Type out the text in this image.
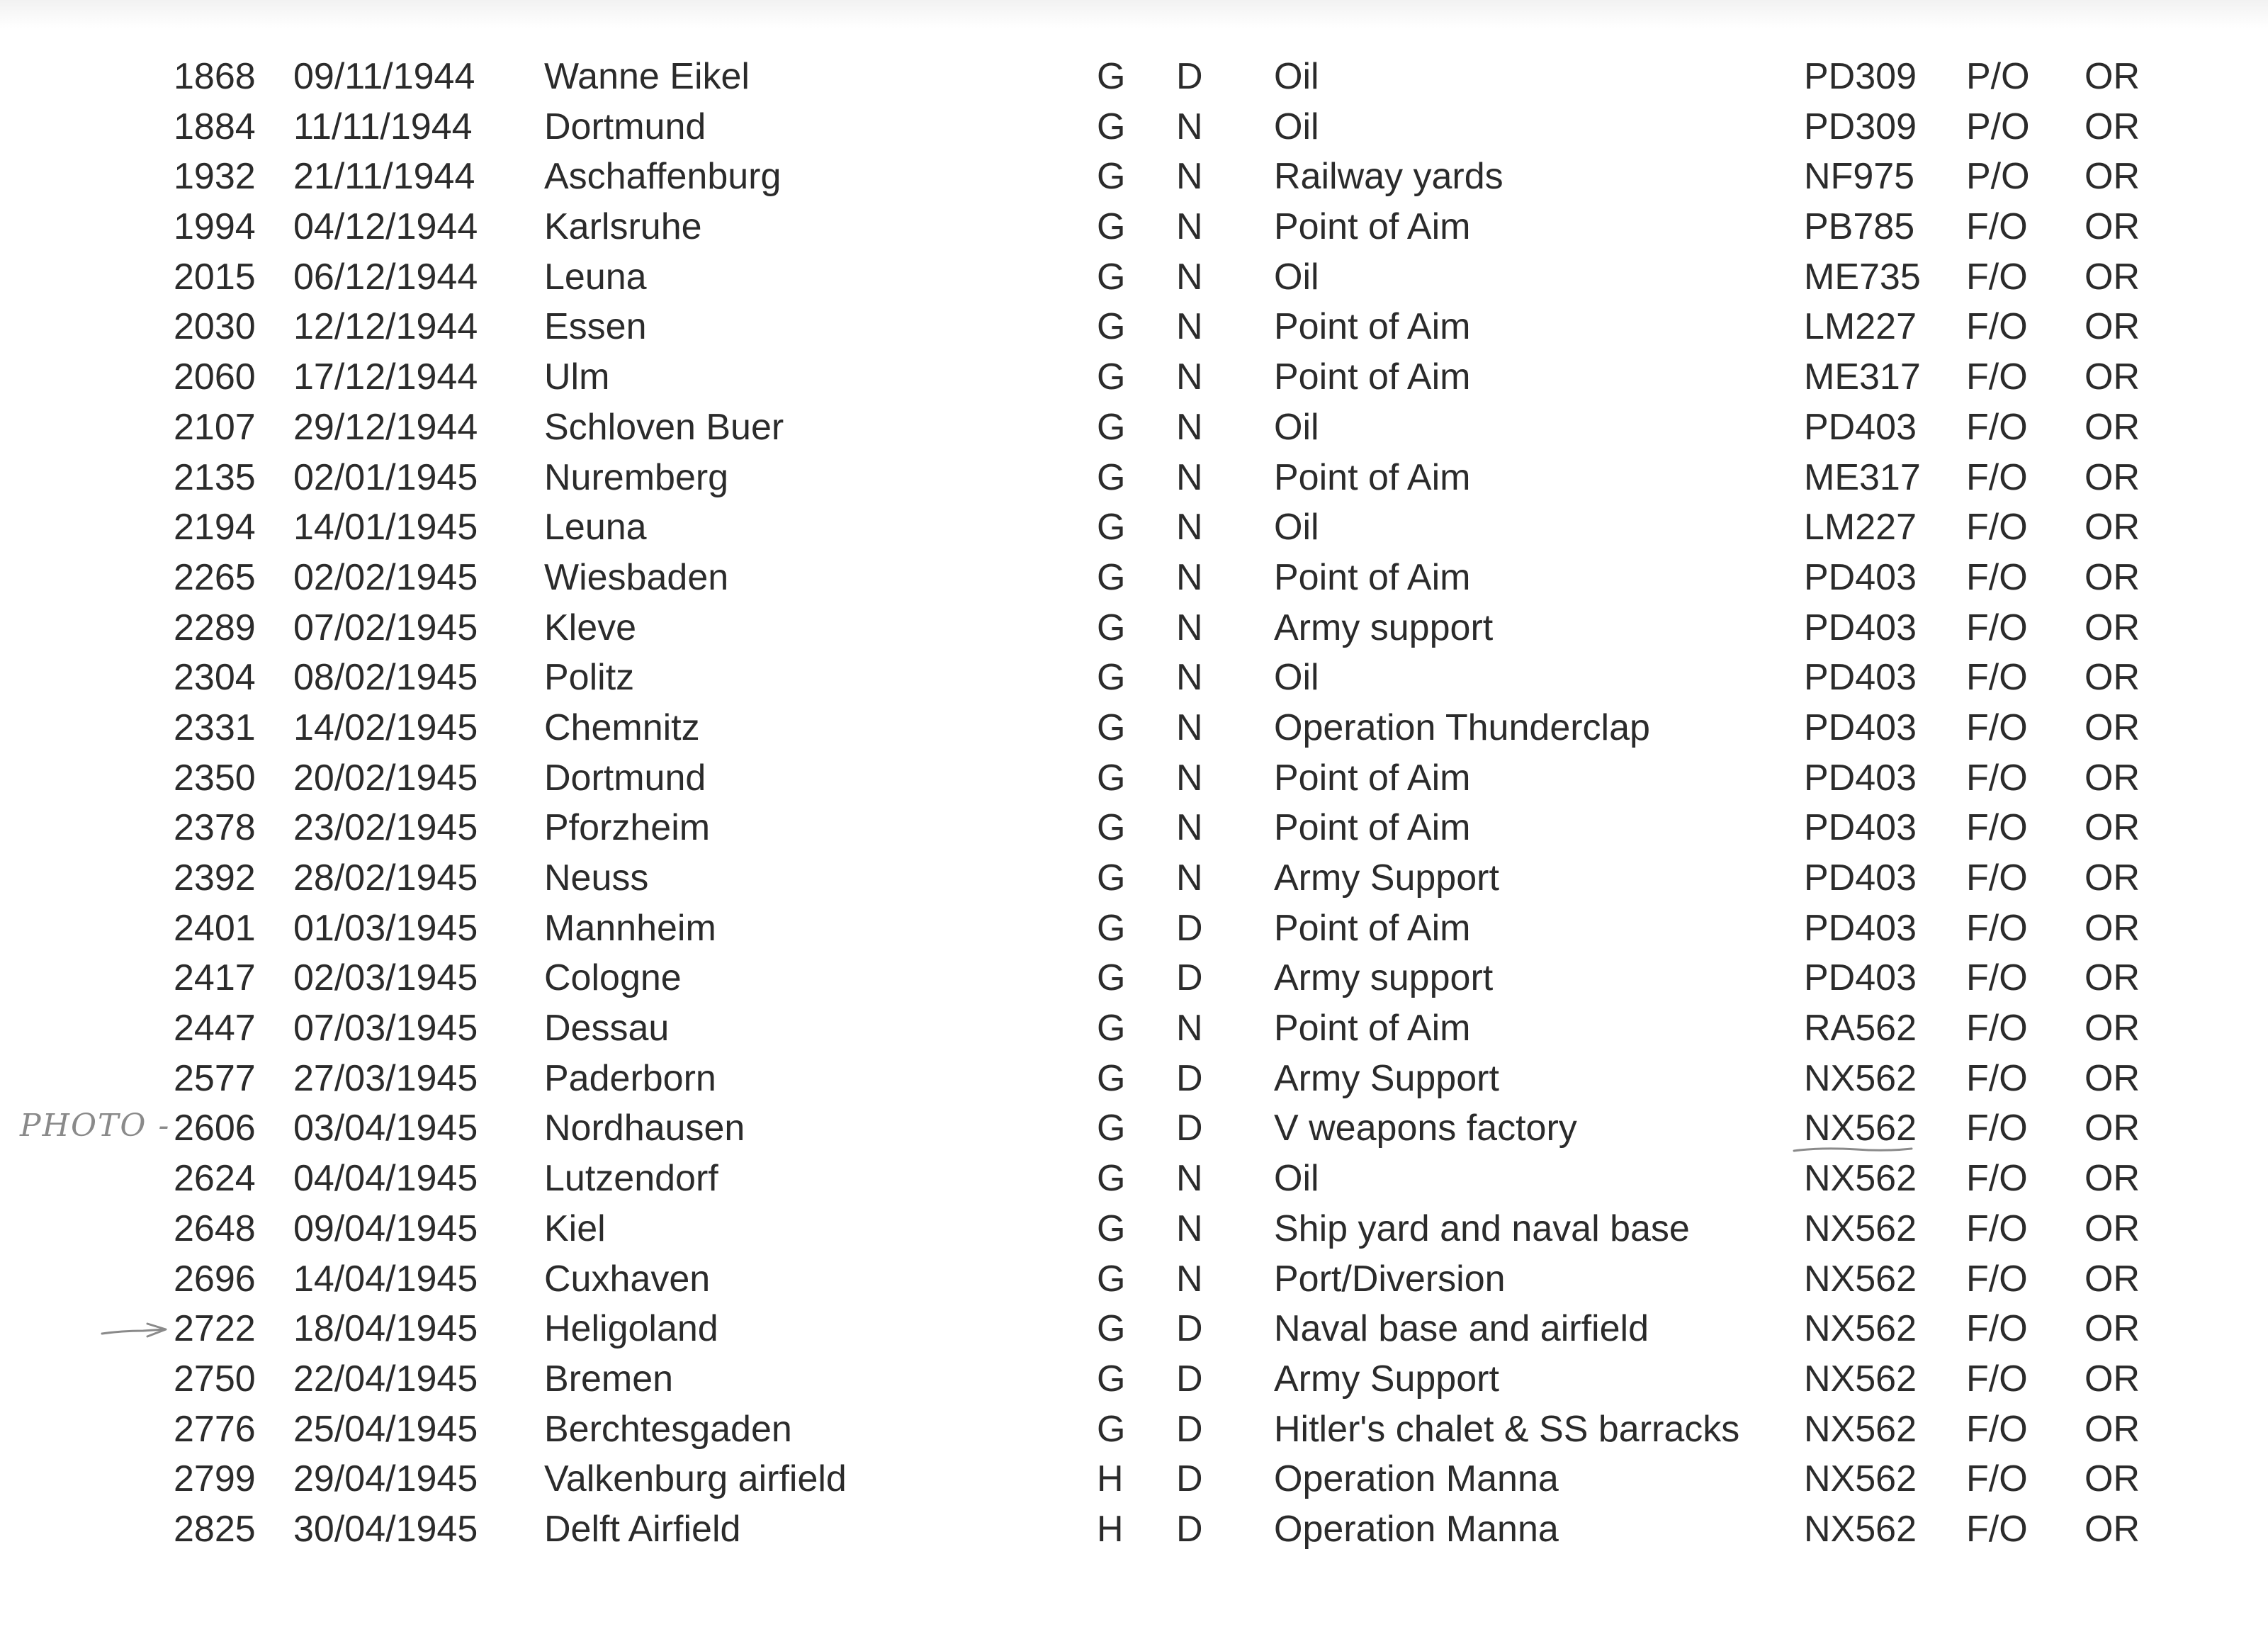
1868 09/11/1944 Wanne Eikel	G D Oil	PD309 P/O OR
1884 11/11/1944 Dortmund	G N Oil	PD309 P/O OR
1932 21/11/1944 Aschaffenburg	G N Railway yards	NF975 P/O OR
1994 04/12/1944 Karlsruhe	G N Point of Aim	PB785 F/O OR
2015 06/12/1944 Leuna	G N Oil	ME735 F/O OR
2030 12/12/1944 Essen	G N Point of Aim	LM227 F/O OR
2060 17/12/1944 Ulm	G N Point of Aim	ME317 F/O OR
2107 29/12/1944 Schloven Buer	G N Oil	PD403 F/O OR
2135 02/01/1945 Nuremberg	G N Point of Aim	ME317 F/O OR
2194 14/01/1945 Leuna	G N Oil	LM227 F/O OR
2265 02/02/1945 Wiesbaden	G N Point of Aim	PD403 F/O OR
2289 07/02/1945 Kleve	G N Army support	PD403 F/O OR
2304 08/02/1945 Politz	G N Oil	PD403 F/O OR
2331 14/02/1945 Chemnitz	G N Operation Thunderclap	PD403 F/O OR
2350 20/02/1945 Dortmund	G N Point of Aim	PD403 F/O OR
2378 23/02/1945 Pforzheim	G N Point of Aim	PD403 F/O OR
2392 28/02/1945 Neuss	G N Army Support	PD403 F/O OR
2401 01/03/1945 Mannheim	G D Point of Aim	PD403 F/O OR
2417 02/03/1945 Cologne	G D Army support	PD403 F/O OR
2447 07/03/1945 Dessau	G N Point of Aim	RA562 F/O OR
2577 27/03/1945 Paderborn	G D Army Support	NX562 F/O OR
2606 03/04/1945 Nordhausen	G D V weapons factory	NX562 F/O OR
2624 04/04/1945 Lutzendorf	G N Oil	NX562 F/O OR
2648 09/04/1945 Kiel	G N Ship yard and naval base	NX562 F/O OR
2696 14/04/1945 Cuxhaven	G N Port/Diversion	NX562 F/O OR
2722 18/04/1945 Heligoland	G D Naval base and airfield	NX562 F/O OR
2750 22/04/1945 Bremen	G D Army Support	NX562 F/O OR
2776 25/04/1945 Berchtesgaden	G D Hitler's chalet & SS barracks NX562 F/O OR
2799 29/04/1945 Valkenburg airfield	H D Operation Manna	NX562 F/O OR
2825 30/04/1945 Delft Airfield	H D Operation Manna	NX562 F/O OR
PHOTO -
